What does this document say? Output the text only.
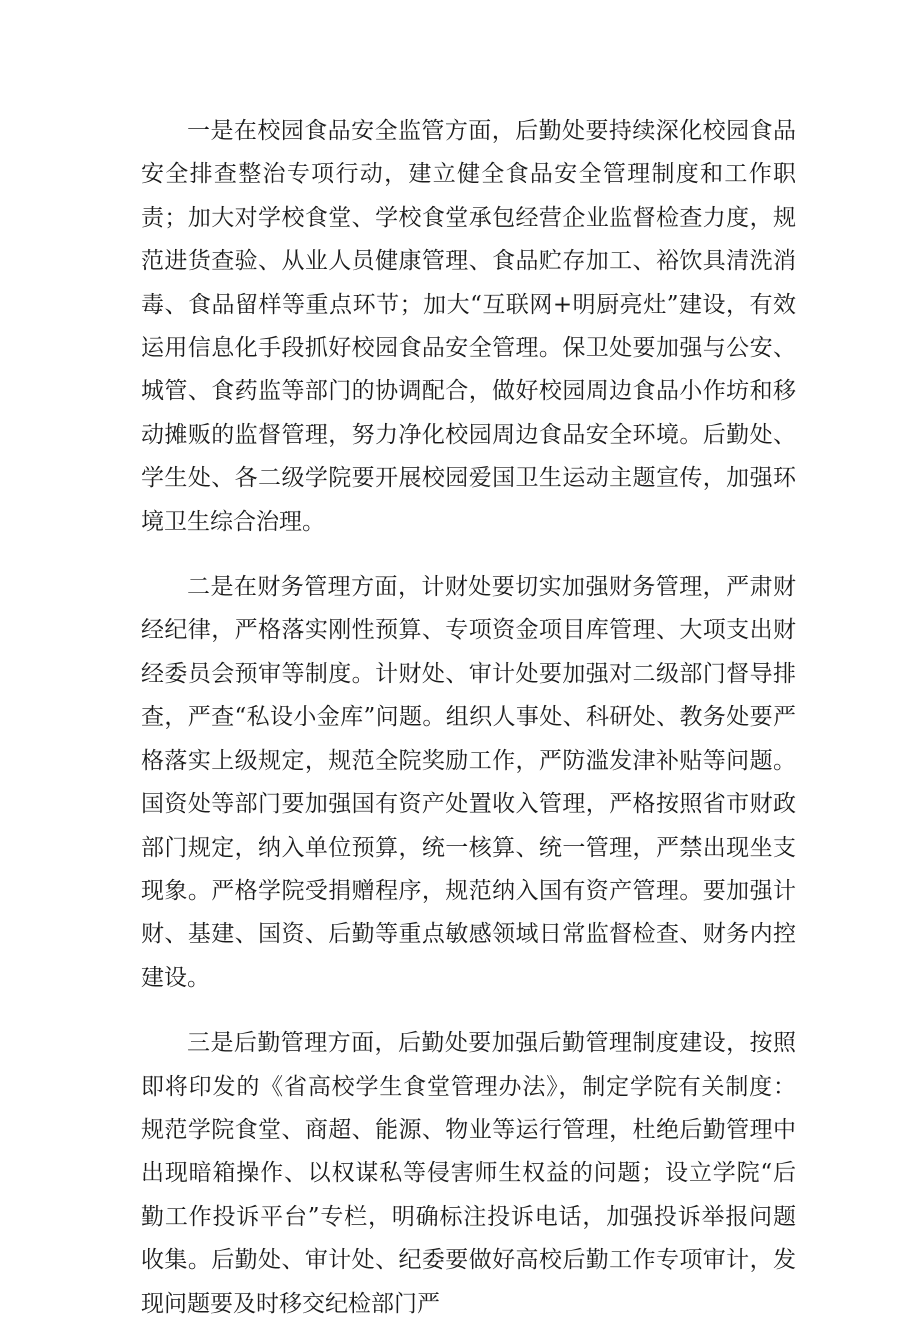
一是在校园食品安全监管方面，后勤处要持续深化校园食品安全排查整治专项行动，建立健全食品安全管理制度和工作职责；加大对学校食堂、学校食堂承包经营企业监督检查力度，规范进货查验、从业人员健康管理、食品贮存加工、裕饮具清洗消毒、食品留样等重点环节；加大“互联网+明厨亮灶”建设，有效运用信息化手段抓好校园食品安全管理。保卫处要加强与公安、城管、食药监等部门的协调配合，做好校园周边食品小作坊和移动摊贩的监督管理，努力净化校园周边食品安全环境。后勤处、学生处、各二级学院要开展校园爱国卫生运动主题宣传，加强环境卫生综合治理。

二是在财务管理方面，计财处要切实加强财务管理，严肃财经纪律，严格落实刚性预算、专项资金项目库管理、大项支出财经委员会预审等制度。计财处、审计处要加强对二级部门督导排查，严查“私设小金库”问题。组织人事处、科研处、教务处要严格落实上级规定，规范全院奖励工作，严防滥发津补贴等问题。国资处等部门要加强国有资产处置收入管理，严格按照省市财政部门规定，纳入单位预算，统一核算、统一管理，严禁出现坐支现象。严格学院受捐赠程序，规范纳入国有资产管理。要加强计财、基建、国资、后勤等重点敏感领域日常监督检查、财务内控建设。

三是后勤管理方面，后勤处要加强后勤管理制度建设，按照即将印发的《省高校学生食堂管理办法》，制定学院有关制度：规范学院食堂、商超、能源、物业等运行管理，杜绝后勤管理中出现暗箱操作、以权谋私等侵害师生权益的问题；设立学院“后勤工作投诉平台”专栏，明确标注投诉电话，加强投诉举报问题收集。后勤处、审计处、纪委要做好高校后勤工作专项审计，发现问题要及时移交纪检部门严
